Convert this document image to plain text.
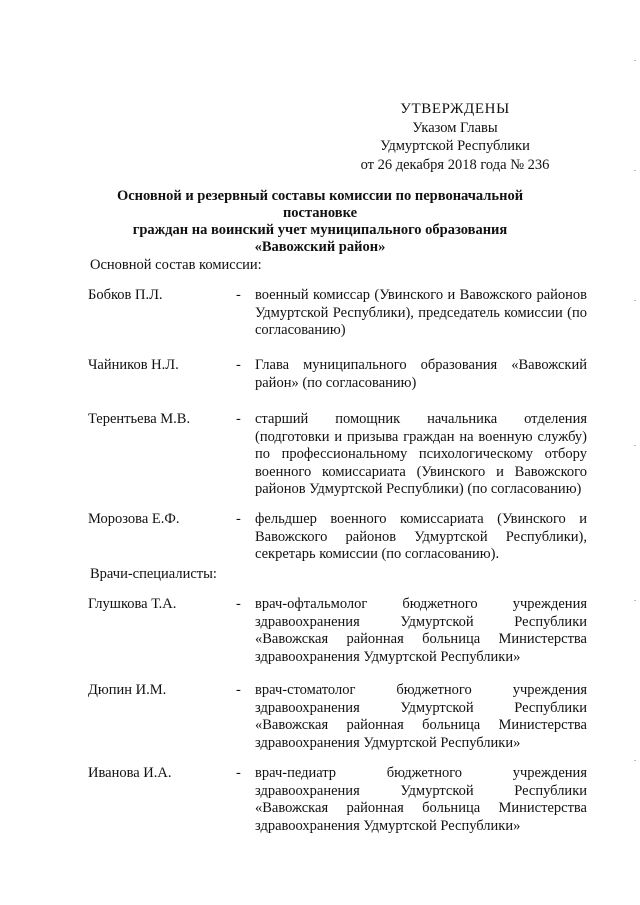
УТВЕРЖДЕНЫ
Указом Главы
Удмуртской Республики
от 26 декабря 2018 года № 236
Основной и резервный составы комиссии по первоначальной постановке
граждан на воинский учет муниципального образования
«Вавожский район»
Основной состав комиссии:
Бобков П.Л.	- военный комиссар (Увинского и Вавожского районов Удмуртской Республики), председатель комиссии (по согласованию)
Чайников Н.Л.	- Глава муниципального образования «Вавожский район» (по согласованию)
Терентьева М.В.	- старший помощник начальника отделения (подготовки и призыва граждан на военную службу) по профессиональному психологическому отбору военного комиссариата (Увинского и Вавожского районов Удмуртской Республики) (по согласованию)
Морозова Е.Ф.	- фельдшер военного комиссариата (Увинского и Вавожского районов Удмуртской Республики), секретарь комиссии (по согласованию).
Врачи-специалисты:
Глушкова Т.А.	- врач-офтальмолог бюджетного учреждения здравоохранения Удмуртской Республики «Вавожская районная больница Министерства здравоохранения Удмуртской Республики»
Дюпин И.М.	- врач-стоматолог бюджетного учреждения здравоохранения Удмуртской Республики «Вавожская районная больница Министерства здравоохранения Удмуртской Республики»
Иванова И.А.	- врач-педиатр бюджетного учреждения здравоохранения Удмуртской Республики «Вавожская районная больница Министерства здравоохранения Удмуртской Республики»
